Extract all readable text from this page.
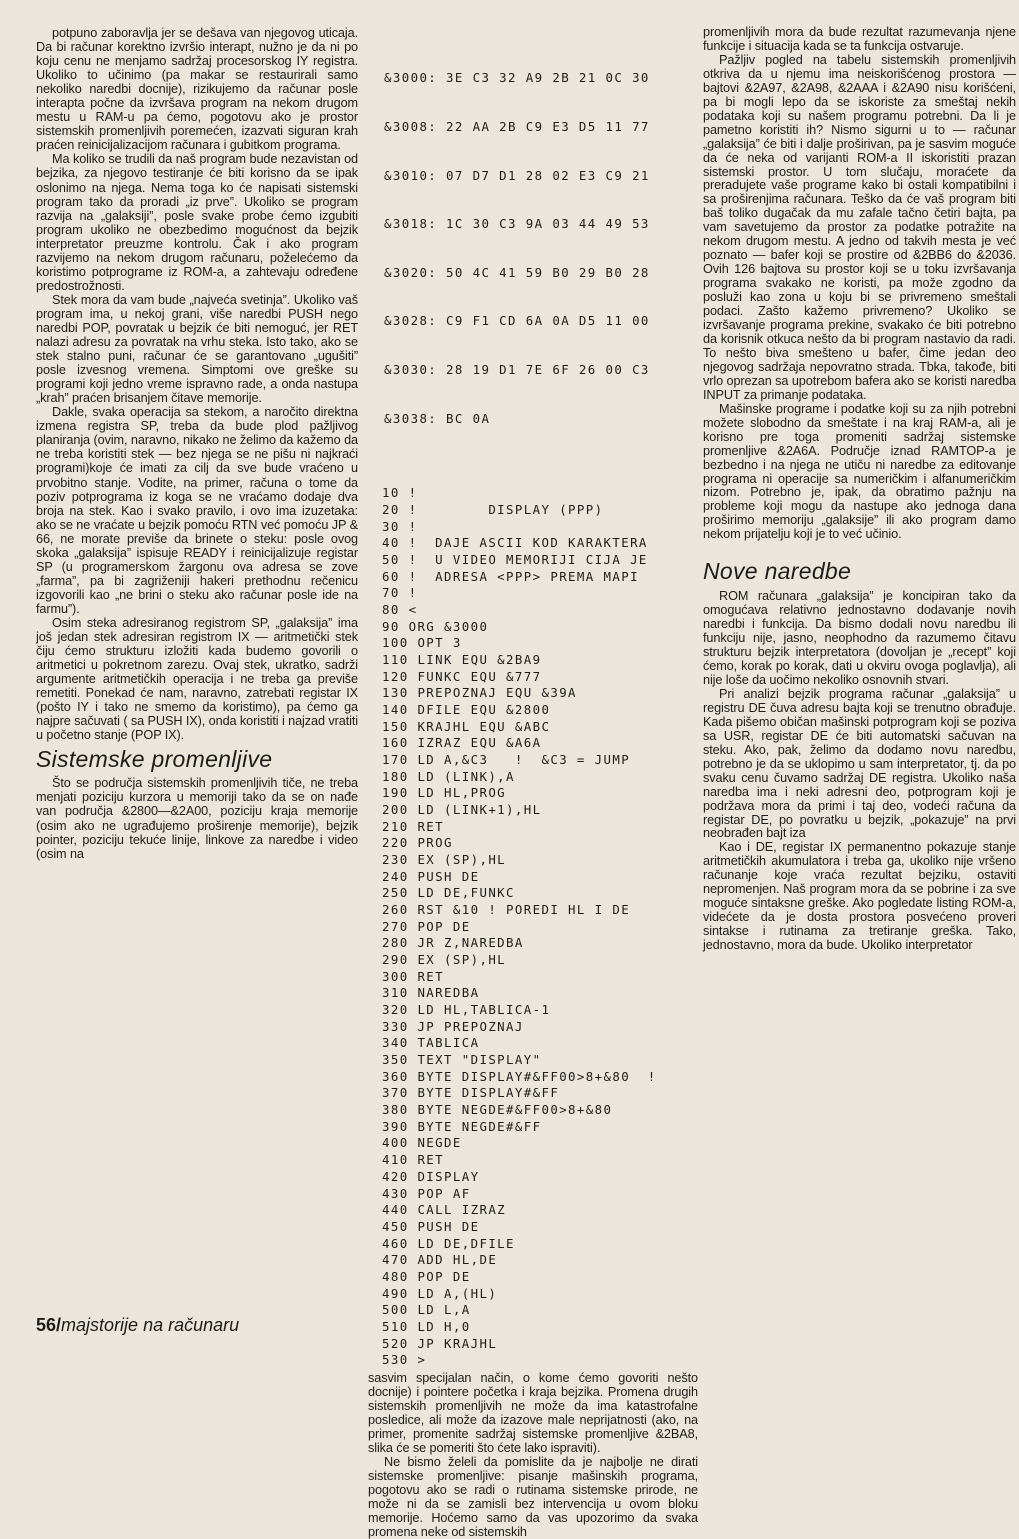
potpuno zaboravlja jer se dešava van njegovog uticaja. Da bi računar korektno izvršio interapt, nužno je da ni po koju cenu ne menjamo sadržaj procesorskog IY registra. Ukoliko to učinimo (pa makar se restaurirali samo nekoliko naredbi docnije), rizikujemo da računar posle interapta počne da izvršava program na nekom drugom mestu u RAM-u pa ćemo, pogotovu ako je prostor sistemskih promenljivih poremećen, izazvati siguran krah praćen reinicijalizacijom računara i gubitkom programa.

Ma koliko se trudili da naš program bude nezavistan od bejzika, za njegovo testiranje će biti korisno da se ipak oslonimo na njega. Nema toga ko će napisati sistemski program tako da proradi „iz prve”. Ukoliko se program razvija na „galaksiji”, posle svake probe ćemo izgubiti program ukoliko ne obezbedimo mogućnost da bejzik interpretator preuzme kontrolu. Čak i ako program razvijemo na nekom drugom računaru, poželećemo da koristimo potprograme iz ROM-a, a zahtevaju određene predostrožnosti.

Stek mora da vam bude „najveća svetinja”. Ukoliko vaš program ima, u nekoj grani, više naredbi PUSH nego naredbi POP, povratak u bejzik će biti nemoguć, jer RET nalazi adresu za povratak na vrhu steka. Isto tako, ako se stek stalno puni, računar će se garantovano „ugušiti” posle izvesnog vremena. Simptomi ove greške su programi koji jedno vreme ispravno rade, a onda nastupa „krah” praćen brisanjem čitave memorije.

Dakle, svaka operacija sa stekom, a naročito direktna izmena registra SP, treba da bude plod pažljivog planiranja (ovim, naravno, nikako ne želimo da kažemo da ne treba koristiti stek — bez njega se ne pišu ni najkraći programi)koje će imati za cilj da sve bude vraćeno u prvobitno stanje. Vodite, na primer, računa o tome da poziv potprograma iz koga se ne vraćamo dodaje dva broja na stek. Kao i svako pravilo, i ovo ima izuzetaka: ako se ne vraćate u bejzik pomoću RTN već pomoću JP & 66, ne morate previše da brinete o steku: posle ovog skoka „galaksija” ispisuje READY i reinicijalizuje registar SP (u programerskom žargonu ova adresa se zove „farma”, pa bi zagriženiji hakeri prethodnu rečenicu izgovorili kao „ne brini o steku ako računar posle ide na farmu”).

Osim steka adresiranog registrom SP, „galaksija” ima još jedan stek adresiran registrom IX — aritmetički stek čiju ćemo strukturu izložiti kada budemo govorili o aritmetici u pokretnom zarezu. Ovaj stek, ukratko, sadrži argumente aritmetičkih operacija i ne treba ga previše remetiti. Ponekad će nam, naravno, zatrebati registar IX (pošto IY i tako ne smemo da koristimo), pa ćemo ga najpre sačuvati ( sa PUSH IX), onda koristiti i najzad vratiti u početno stanje (POP IX).

Sistemske promenljive

Što se područja sistemskih promenljivih tiče, ne treba menjati poziciju kurzora u memoriji tako da se on nađe van područja &2800—&2A00, poziciju kraja memorije (osim ako ne ugrađujemo proširenje memorije), bejzik pointer, poziciju tekuće linije, linkove za naredbe i video (osim na

&3000: 3E C3 32 A9 2B 21 0C 30

&3008: 22 AA 2B C9 E3 D5 11 77

&3010: 07 D7 D1 28 02 E3 C9 21

&3018: 1C 30 C3 9A 03 44 49 53

&3020: 50 4C 41 59 B0 29 B0 28

&3028: C9 F1 CD 6A 0A D5 11 00

&3030: 28 19 D1 7E 6F 26 00 C3

&3038: BC 0A

10 !
20 !        DISPLAY (PPP)
30 !
40 !  DAJE ASCII KOD KARAKTERA
50 !  U VIDEO MEMORIJI CIJA JE
60 !  ADRESA <PPP> PREMA MAPI
70 !
80 <
90 ORG &3000
100 OPT 3
110 LINK EQU &2BA9
120 FUNKC EQU &777
130 PREPOZNAJ EQU &39A
140 DFILE EQU &2800
150 KRAJHL EQU &ABC
160 IZRAZ EQU &A6A
170 LD A,&C3   !  &C3 = JUMP
180 LD (LINK),A
190 LD HL,PROG
200 LD (LINK+1),HL
210 RET
220 PROG
230 EX (SP),HL
240 PUSH DE
250 LD DE,FUNKC
260 RST &10 ! POREDI HL I DE
270 POP DE
280 JR Z,NAREDBA
290 EX (SP),HL
300 RET
310 NAREDBA
320 LD HL,TABLICA-1
330 JP PREPOZNAJ
340 TABLICA
350 TEXT "DISPLAY"
360 BYTE DISPLAY#&FF00>8+&80  !
370 BYTE DISPLAY#&FF
380 BYTE NEGDE#&FF00>8+&80
390 BYTE NEGDE#&FF
400 NEGDE
410 RET
420 DISPLAY
430 POP AF
440 CALL IZRAZ
450 PUSH DE
460 LD DE,DFILE
470 ADD HL,DE
480 POP DE
490 LD A,(HL)
500 LD L,A
510 LD H,0
520 JP KRAJHL
530 >

sasvim specijalan način, o kome ćemo govoriti nešto docnije) i pointere početka i kraja bejzika. Promena drugih sistemskih promenljivih ne može da ima katastrofalne posledice, ali može da izazove male neprijatnosti (ako, na primer, promenite sadržaj sistemske promenljive &2BA8, slika će se pomeriti što ćete lako ispraviti).

Ne bismo želeli da pomislite da je najbolje ne dirati sistemske promenljive: pisanje mašinskih programa, pogotovu ako se radi o rutinama sistemske prirode, ne može ni da se zamisli bez intervencija u ovom bloku memorije. Hoćemo samo da vas upozorimo da svaka promena neke od sistemskih

promenljivih mora da bude rezultat razumevanja njene funkcije i situacija kada se ta funkcija ostvaruje.

Pažljiv pogled na tabelu sistemskih promenljivih otkriva da u njemu ima neiskorišćenog prostora — bajtovi &2A97, &2A98, &2AAA i &2A90 nisu korišćeni, pa bi mogli lepo da se iskoriste za smeštaj nekih podataka koji su našem programu potrebni. Da li je pametno koristiti ih? Nismo sigurni u to — računar „galaksija” će biti i dalje proširivan, pa je sasvim moguće da će neka od varijanti ROM-a II iskoristiti prazan sistemski prostor. U tom slučaju, moraćete da preradujete vaše programe kako bi ostali kompatibilni i sa proširenjima računara. Teško da će vaš program biti baš toliko dugačak da mu zafale tačno četiri bajta, pa vam savetujemo da prostor za podatke potražite na nekom drugom mestu. A jedno od takvih mesta je već poznato — bafer koji se prostire od &2BB6 do &2036. Ovih 126 bajtova su prostor koji se u toku izvršavanja programa svakako ne koristi, pa može zgodno da posluži kao zona u koju bi se privremeno smeštali podaci. Zašto kažemo privremeno? Ukoliko se izvršavanje programa prekine, svakako će biti potrebno da korisnik otkuca nešto da bi program nastavio da radi. To nešto biva smešteno u bafer, čime jedan deo njegovog sadržaja nepovratno strada. Tbka, takođe, biti vrlo oprezan sa upotrebom bafera ako se koristi naredba INPUT za primanje podataka.

Mašinske programe i podatke koji su za njih potrebni možete slobodno da smeštate i na kraj RAM-a, ali je korisno pre toga promeniti sadržaj sistemske promenljive &2A6A. Područje iznad RAMTOP-a je bezbedno i na njega ne utiču ni naredbe za editovanje programa ni operacije sa numeričkim i alfanumeričkim nizom. Potrebno je, ipak, da obratimo pažnju na probleme koji mogu da nastupe ako jednoga dana proširimo memoriju „galaksije” ili ako program damo nekom prijatelju koji je to već učinio.

Nove naredbe

ROM računara „galaksija” je koncipiran tako da omogućava relativno jednostavno dodavanje novih naredbi i funkcija. Da bismo dodali novu naredbu ili funkciju nije, jasno, neophodno da razumemo čitavu strukturu bejzik interpretatora (dovoljan je „recept” koji ćemo, korak po korak, dati u okviru ovoga poglavlja), ali nije loše da uočimo nekoliko osnovnih stvari.

Pri analizi bejzik programa računar „galaksija” u registru DE čuva adresu bajta koji se trenutno obrađuje. Kada pišemo običan mašinski potprogram koji se poziva sa USR, registar DE će biti automatski sačuvan na steku. Ako, pak, želimo da dodamo novu naredbu, potrebno je da se uklopimo u sam interpretator, tj. da po svaku cenu čuvamo sadržaj DE registra. Ukoliko naša naredba ima i neki adresni deo, potprogram koji je podržava mora da primi i taj deo, vodeći računa da registar DE, po povratku u bejzik, „pokazuje” na prvi neobrađen bajt iza

Kao i DE, registar IX permanentno pokazuje stanje aritmetičkih akumulatora i treba ga, ukoliko nije vršeno računanje koje vraća rezultat bejziku, ostaviti nepromenjen. Naš program mora da se pobrine i za sve moguće sintaksne greške. Ako pogledate listing ROM-a, videćete da je dosta prostora posvećeno proveri sintakse i rutinama za tretiranje greška. Tako, jednostavno, mora da bude. Ukoliko interpretator

56/majstorije na računaru
